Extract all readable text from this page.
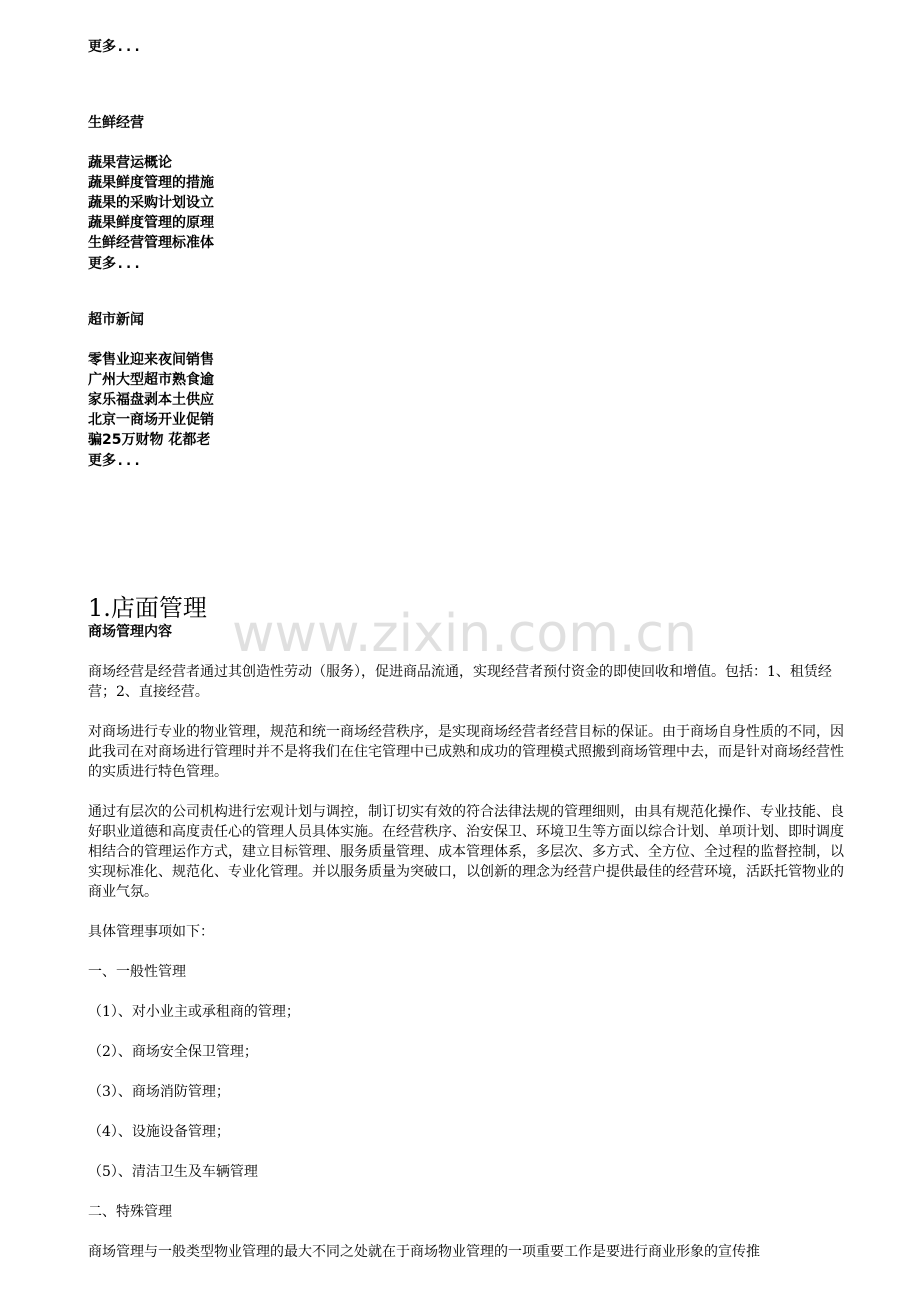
更多...
生鲜经营
蔬果营运概论
蔬果鲜度管理的措施
蔬果的采购计划设立
蔬果鲜度管理的原理
生鲜经营管理标准体
更多...
超市新闻
零售业迎来夜间销售
广州大型超市熟食逾
家乐福盘剥本土供应
北京一商场开业促销
骗25万财物 花都老
更多...
1.店面管理
商场管理内容

商场经营是经营者通过其创造性劳动（服务），促进商品流通，实现经营者预付资金的即使回收和增值。包括：1、租赁经营；2、直接经营。

对商场进行专业的物业管理，规范和统一商场经营秩序，是实现商场经营者经营目标的保证。由于商场自身性质的不同，因此我司在对商场进行管理时并不是将我们在住宅管理中已成熟和成功的管理模式照搬到商场管理中去，而是针对商场经营性的实质进行特色管理。

通过有层次的公司机构进行宏观计划与调控，制订切实有效的符合法律法规的管理细则，由具有规范化操作、专业技能、良好职业道德和高度责任心的管理人员具体实施。在经营秩序、治安保卫、环境卫生等方面以综合计划、单项计划、即时调度相结合的管理运作方式，建立目标管理、服务质量管理、成本管理体系，多层次、多方式、全方位、全过程的监督控制，以实现标准化、规范化、专业化管理。并以服务质量为突破口，以创新的理念为经营户提供最佳的经营环境，活跃托管物业的商业气氛。

具体管理事项如下：

一、一般性管理

（1）、对小业主或承租商的管理；

（2）、商场安全保卫管理；

（3）、商场消防管理；

（4）、设施设备管理；

（5）、清洁卫生及车辆管理

二、特殊管理

商场管理与一般类型物业管理的最大不同之处就在于商场物业管理的一项重要工作是要进行商业形象的宣传推

www.zixin.com.cn
